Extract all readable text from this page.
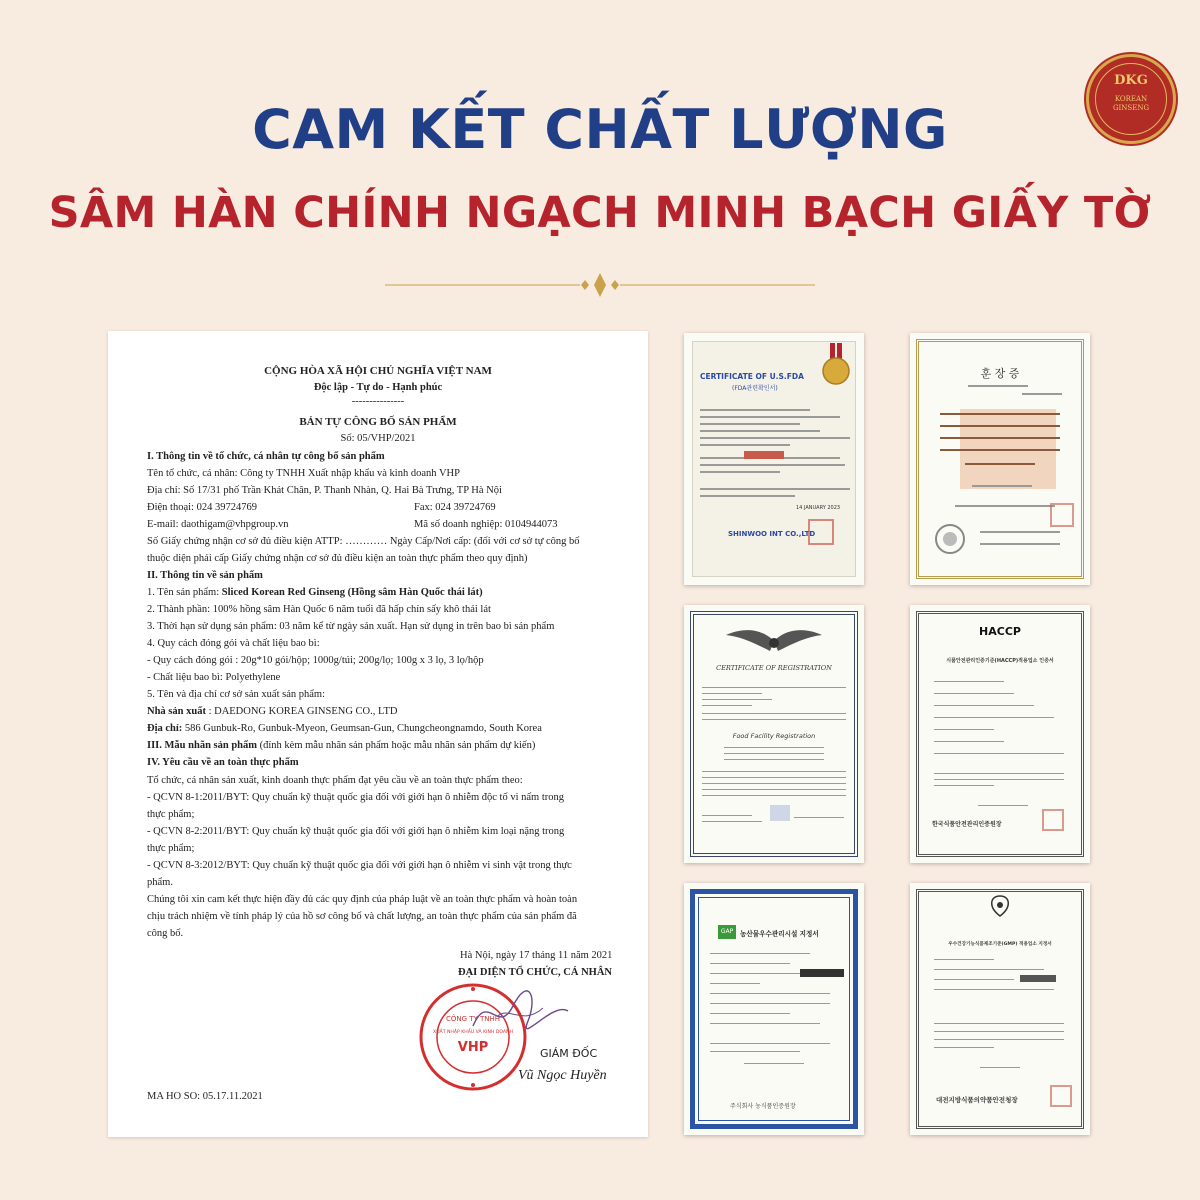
CAM KẾT CHẤT LƯỢNG
SÂM HÀN CHÍNH NGẠCH MINH BẠCH GIẤY TỜ
DKG
KOREAN
GINSENG
CỘNG HÒA XÃ HỘI CHỦ NGHĨA VIỆT NAM
Độc lập - Tự do - Hạnh phúc
---------------
BẢN TỰ CÔNG BỐ SẢN PHẨM
Số: 05/VHP/2021
I. Thông tin về tổ chức, cá nhân tự công bố sản phẩm
Tên tổ chức, cá nhân: Công ty TNHH Xuất nhập khẩu và kinh doanh VHP
Địa chỉ: Số 17/31 phố Trần Khát Chân, P. Thanh Nhàn, Q. Hai Bà Trưng, TP Hà Nội
Điện thoại: 024 39724769	Fax: 024 39724769
E-mail: daothigam@vhpgroup.vn	Mã số doanh nghiệp: 0104944073
Số Giấy chứng nhận cơ sở đủ điều kiện ATTP: ………… Ngày Cấp/Nơi cấp: (đối với cơ sở tự công bố
thuộc diện phải cấp Giấy chứng nhận cơ sở đủ điều kiện an toàn thực phẩm theo quy định)
II. Thông tin về sản phẩm
1. Tên sản phẩm: Sliced Korean Red Ginseng (Hồng sâm Hàn Quốc thái lát)
2. Thành phần: 100% hồng sâm Hàn Quốc 6 năm tuổi đã hấp chín sấy khô thái lát
3. Thời hạn sử dụng sản phẩm: 03 năm kể từ ngày sản xuất. Hạn sử dụng in trên bao bì sản phẩm
4. Quy cách đóng gói và chất liệu bao bì:
- Quy cách đóng gói : 20g*10 gói/hộp; 1000g/túi; 200g/lọ; 100g x 3 lọ, 3 lọ/hộp
- Chất liệu bao bì: Polyethylene
5. Tên và địa chỉ cơ sở sản xuất sản phẩm:
Nhà sản xuất : DAEDONG KOREA GINSENG CO., LTD
Địa chỉ: 586 Gunbuk-Ro, Gunbuk-Myeon, Geumsan-Gun, Chungcheongnamdo, South Korea
III. Mẫu nhãn sản phẩm (đính kèm mẫu nhãn sản phẩm hoặc mẫu nhãn sản phẩm dự kiến)
IV. Yêu cầu về an toàn thực phẩm
Tổ chức, cá nhân sản xuất, kinh doanh thực phẩm đạt yêu cầu về an toàn thực phẩm theo:
- QCVN 8-1:2011/BYT: Quy chuẩn kỹ thuật quốc gia đối với giới hạn ô nhiễm độc tố vi nấm trong
thực phẩm;
- QCVN 8-2:2011/BYT: Quy chuẩn kỹ thuật quốc gia đối với giới hạn ô nhiễm kim loại nặng trong
thực phẩm;
- QCVN 8-3:2012/BYT: Quy chuẩn kỹ thuật quốc gia đối với giới hạn ô nhiễm vi sinh vật trong thực
phẩm.
Chúng tôi xin cam kết thực hiện đầy đủ các quy định của pháp luật về an toàn thực phẩm và hoàn toàn
chịu trách nhiệm về tính pháp lý của hồ sơ công bố và chất lượng, an toàn thực phẩm của sản phẩm đã
công bố.
Hà Nội, ngày 17 tháng 11 năm 2021
ĐẠI DIỆN TỔ CHỨC, CÁ NHÂN
CÔNG TY TNHH
XUẤT NHẬP KHẨU VÀ KINH DOANH
VHP	GIÁM ĐỐC
Vũ Ngọc Huyền
MA HO SO: 05.17.11.2021
CERTIFICATE OF U.S.FDA
(FDA관련확인서)
14 JANUARY 2023
SHINWOO INT CO.,LTD
훈 장 증
CERTIFICATE OF REGISTRATION
Food Facility Registration
HACCP
식품안전관리인증기준(HACCP)적용업소 인증서
한국식품안전관리인증원장
GAP	농산물우수관리시설 지정서
주식회사 농식품인증원장
우수건강기능식품제조기준(GMP) 적용업소 지정서
대전지방식품의약품안전청장
